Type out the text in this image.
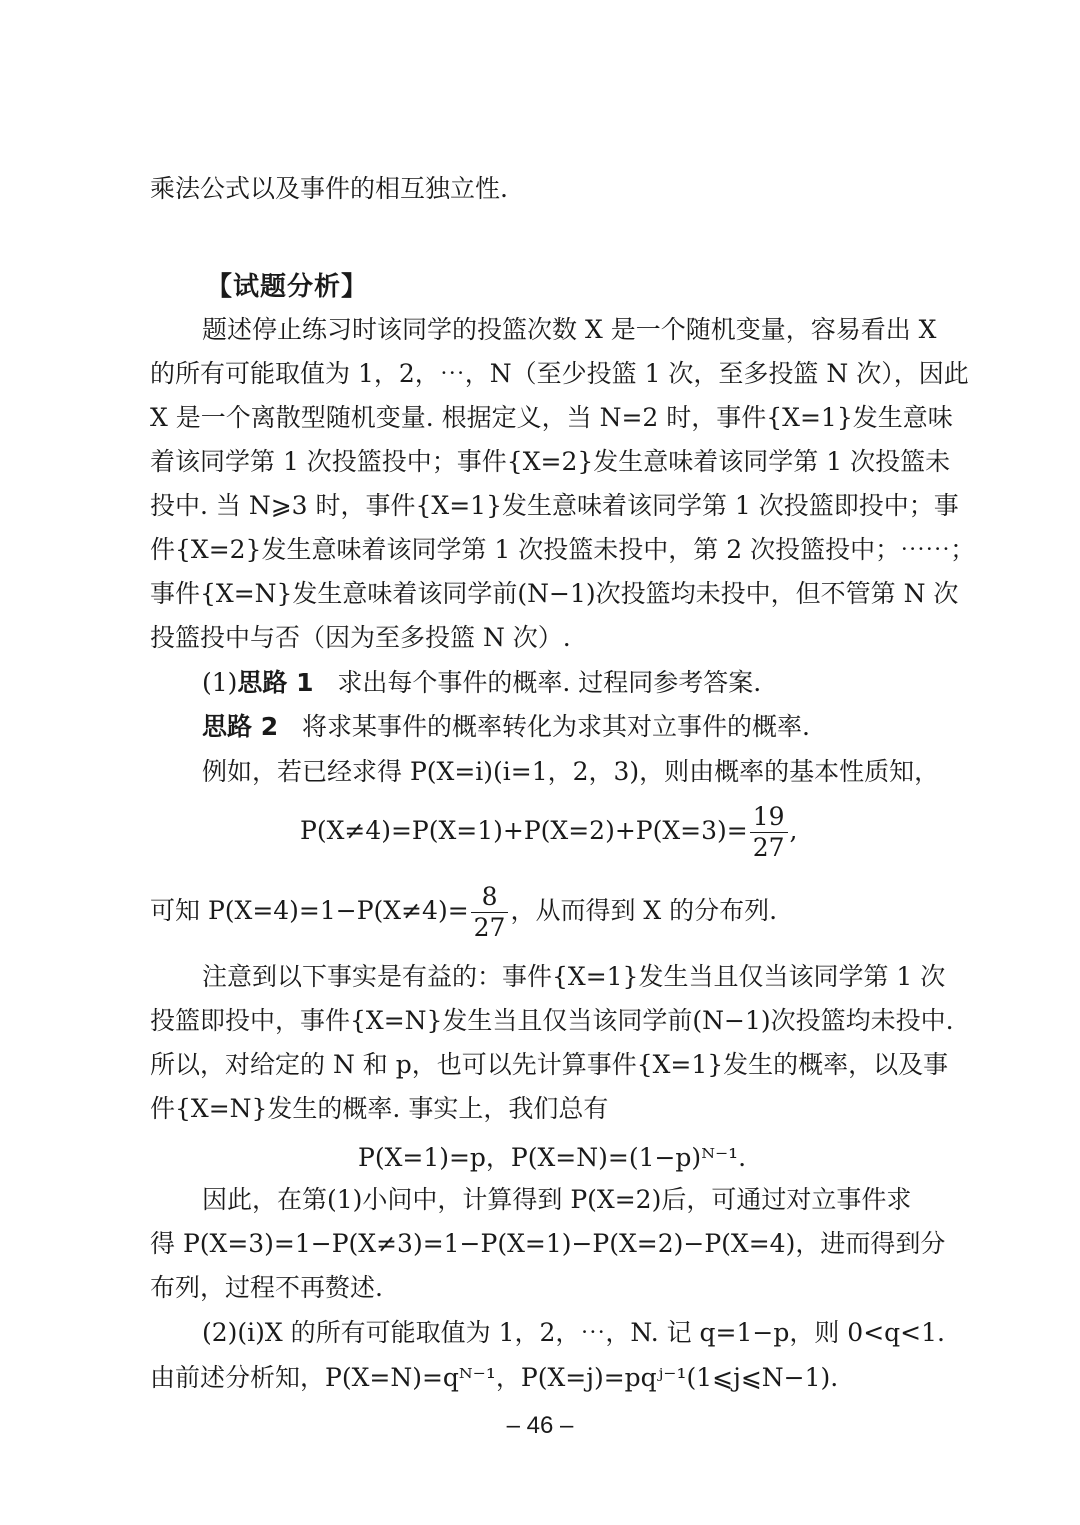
乘法公式以及事件的相互独立性.
【试题分析】
题述停止练习时该同学的投篮次数 X 是一个随机变量，容易看出 X
的所有可能取值为 1，2，⋯，N（至少投篮 1 次，至多投篮 N 次），因此
X 是一个离散型随机变量. 根据定义，当 N=2 时，事件{X=1}发生意味
着该同学第 1 次投篮投中；事件{X=2}发生意味着该同学第 1 次投篮未
投中. 当 N⩾3 时，事件{X=1}发生意味着该同学第 1 次投篮即投中；事
件{X=2}发生意味着该同学第 1 次投篮未投中，第 2 次投篮投中；⋯⋯；
事件{X=N}发生意味着该同学前(N−1)次投篮均未投中，但不管第 N 次
投篮投中与否（因为至多投篮 N 次）.
(1)思路 1 求出每个事件的概率. 过程同参考答案.
思路 2 将求某事件的概率转化为求其对立事件的概率.
例如，若已经求得 P(X=i)(i=1，2，3)，则由概率的基本性质知，
$P(X\ne 4)=P(X=1)+P(X=2)+P(X=3)= \frac{19}{27}$ ,
可知 $P(X=4)=1-P(X\ne 4)= \frac{8}{27}$ ，从而得到 X 的分布列.
注意到以下事实是有益的：事件{X=1}发生当且仅当该同学第 1 次
投篮即投中，事件{X=N}发生当且仅当该同学前(N−1)次投篮均未投中.
所以，对给定的 N 和 p，也可以先计算事件{X=1}发生的概率，以及事
件{X=N}发生的概率. 事实上，我们总有
P(X=1)=p，P(X=N)=(1−p)ᴺ⁻¹.
因此，在第(1)小问中，计算得到 P(X=2)后，可通过对立事件求
得 P(X=3)=1−P(X≠3)=1−P(X=1)−P(X=2)−P(X=4)，进而得到分
布列，过程不再赘述.
(2)(ⅰ)X 的所有可能取值为 1，2，⋯，N. 记 q=1−p，则 0<q<1.
由前述分析知，P(X=N)=qᴺ⁻¹，P(X=j)=pqʲ⁻¹(1⩽j⩽N−1).
– 46 –
